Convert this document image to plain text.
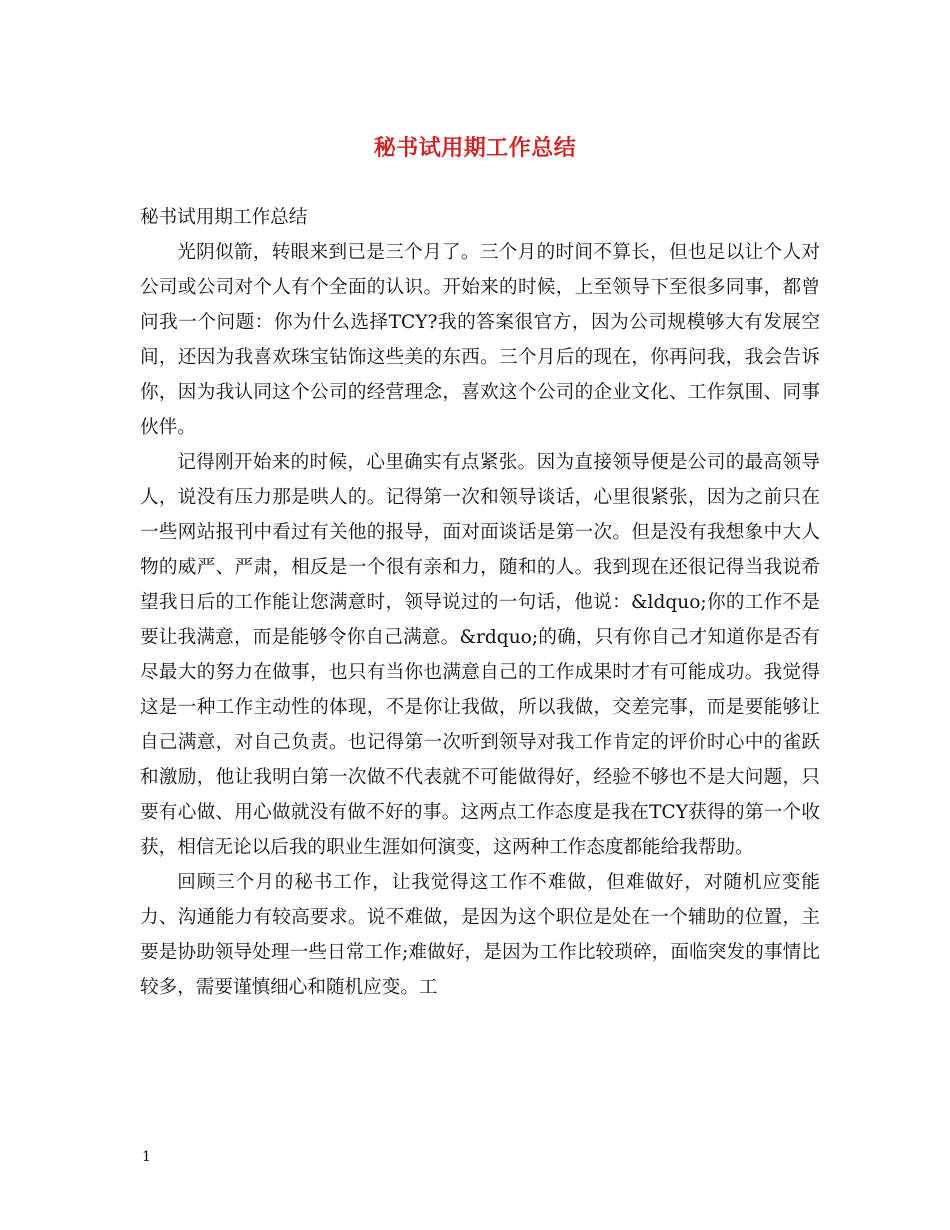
秘书试用期工作总结

秘书试用期工作总结

光阴似箭，转眼来到已是三个月了。三个月的时间不算长，但也足以让个人对公司或公司对个人有个全面的认识。开始来的时候，上至领导下至很多同事，都曾问我一个问题：你为什么选择TCY?我的答案很官方，因为公司规模够大有发展空间，还因为我喜欢珠宝钻饰这些美的东西。三个月后的现在，你再问我，我会告诉你，因为我认同这个公司的经营理念，喜欢这个公司的企业文化、工作氛围、同事伙伴。

记得刚开始来的时候，心里确实有点紧张。因为直接领导便是公司的最高领导人，说没有压力那是哄人的。记得第一次和领导谈话，心里很紧张，因为之前只在一些网站报刊中看过有关他的报导，面对面谈话是第一次。但是没有我想象中大人物的威严、严肃，相反是一个很有亲和力，随和的人。我到现在还很记得当我说希望我日后的工作能让您满意时，领导说过的一句话，他说：&ldquo;你的工作不是要让我满意，而是能够令你自己满意。&rdquo;的确，只有你自己才知道你是否有尽最大的努力在做事，也只有当你也满意自己的工作成果时才有可能成功。我觉得这是一种工作主动性的体现，不是你让我做，所以我做，交差完事，而是要能够让自己满意，对自己负责。也记得第一次听到领导对我工作肯定的评价时心中的雀跃和激励，他让我明白第一次做不代表就不可能做得好，经验不够也不是大问题，只要有心做、用心做就没有做不好的事。这两点工作态度是我在TCY获得的第一个收获，相信无论以后我的职业生涯如何演变，这两种工作态度都能给我帮助。

回顾三个月的秘书工作，让我觉得这工作不难做，但难做好，对随机应变能力、沟通能力有较高要求。说不难做，是因为这个职位是处在一个辅助的位置，主要是协助领导处理一些日常工作;难做好，是因为工作比较琐碎，面临突发的事情比较多，需要谨慎细心和随机应变。工

1
